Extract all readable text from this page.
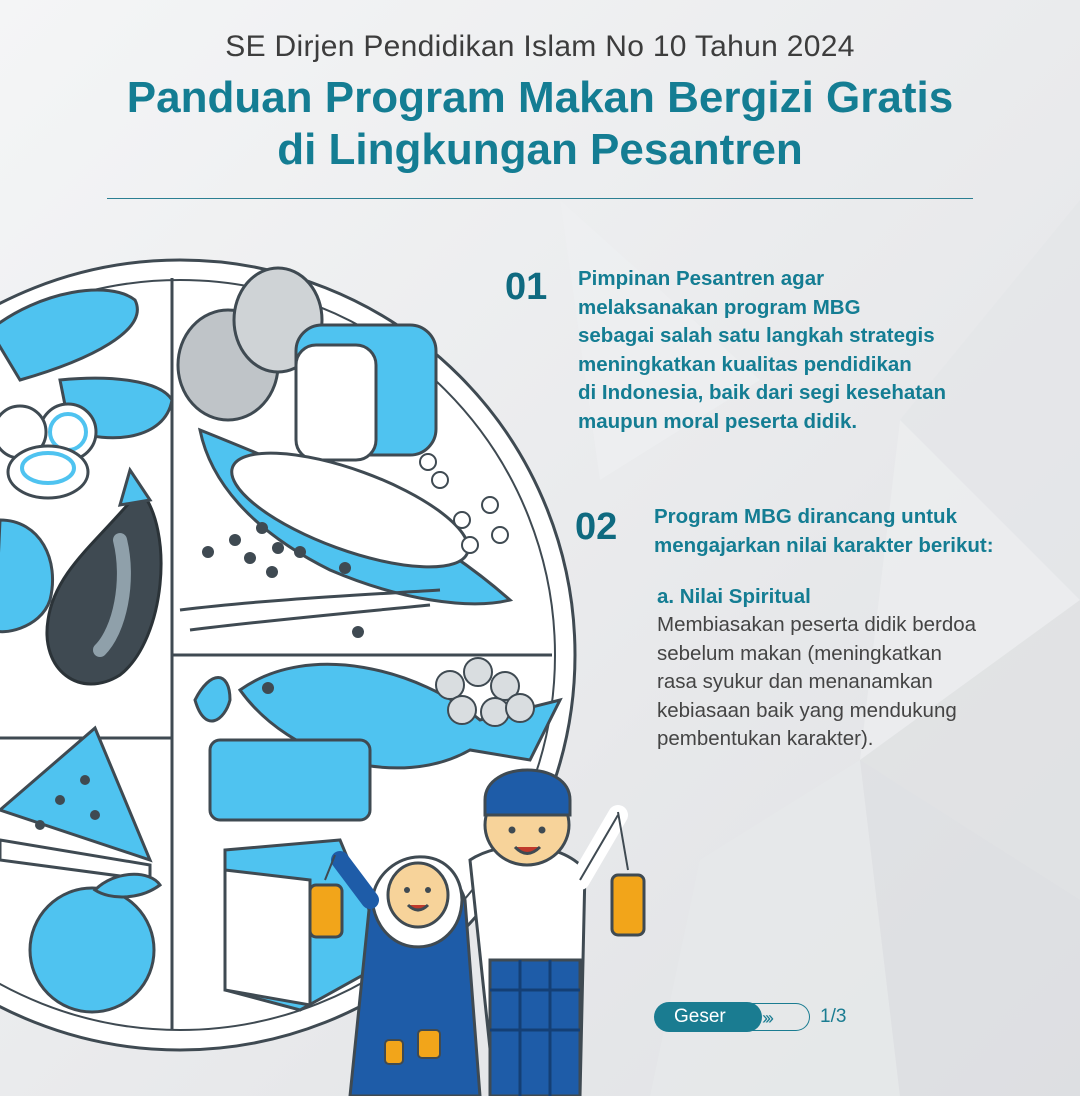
SE Dirjen Pendidikan Islam No 10 Tahun 2024
Panduan Program Makan Bergizi Gratis
di Lingkungan Pesantren
01 Pimpinan Pesantren agar
melaksanakan program MBG
sebagai salah satu langkah strategis
meningkatkan kualitas pendidikan
di Indonesia, baik dari segi kesehatan
maupun moral peserta didik.
02 Program MBG dirancang untuk
mengajarkan nilai karakter berikut:
a. Nilai Spiritual
Membiasakan peserta didik berdoa
sebelum makan (meningkatkan
rasa syukur dan menanamkan
kebiasaan baik yang mendukung
pembentukan karakter).
Geser	›››	1/3
